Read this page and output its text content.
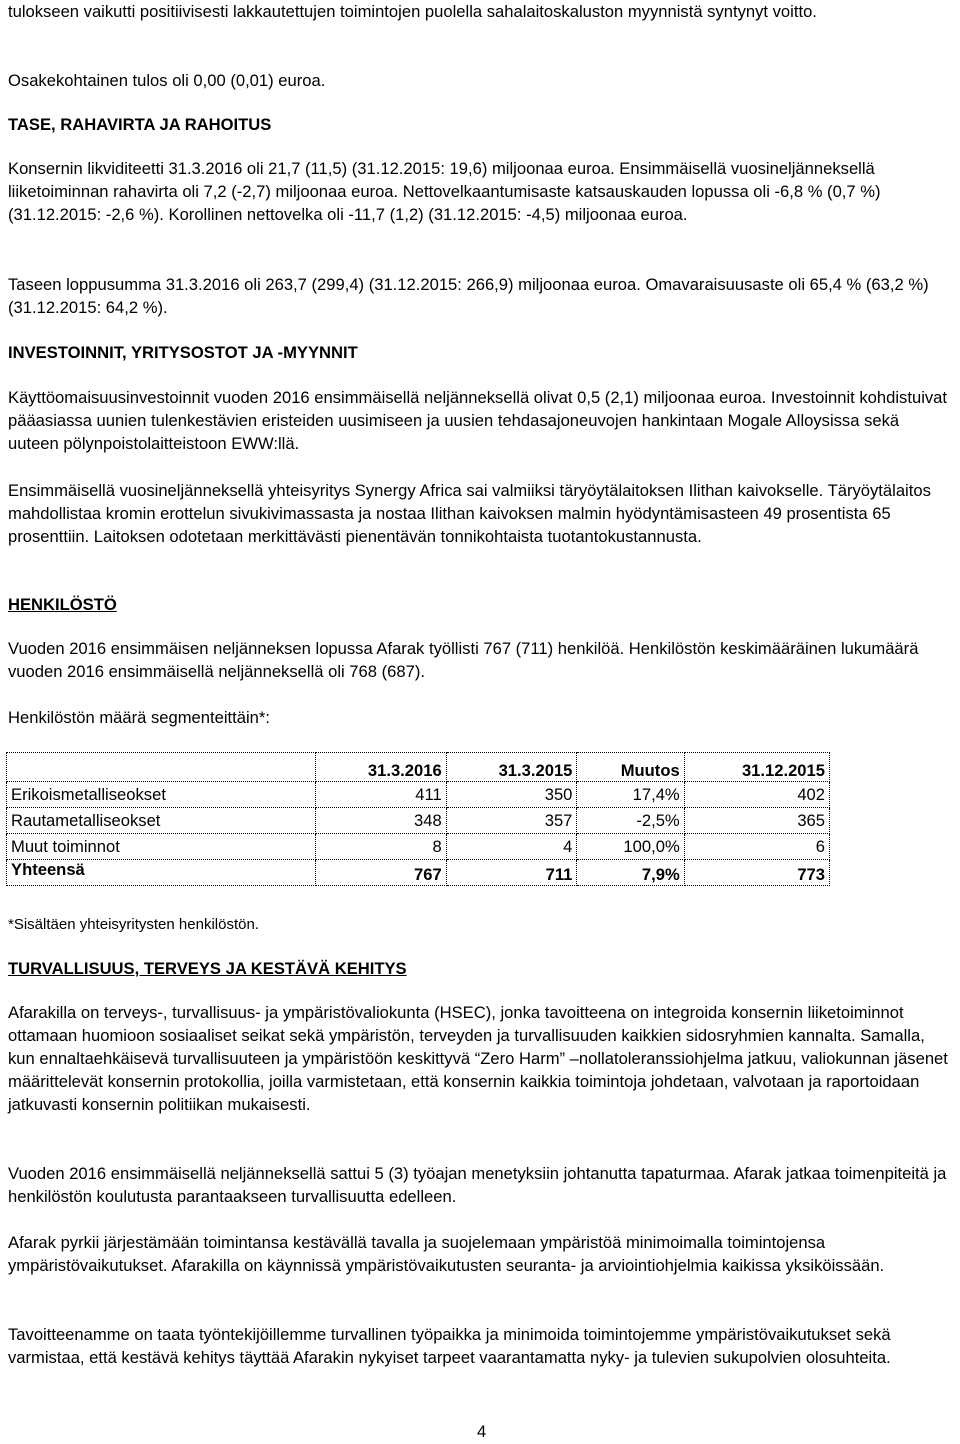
tulokseen vaikutti positiivisesti lakkautettujen toimintojen puolella sahalaitoskaluston myynnistä syntynyt voitto.

Osakekohtainen tulos oli 0,00 (0,01) euroa.

TASE, RAHAVIRTA JA RAHOITUS

Konsernin likviditeetti 31.3.2016 oli 21,7 (11,5) (31.12.2015: 19,6) miljoonaa euroa. Ensimmäisellä vuosineljänneksellä liiketoiminnan rahavirta oli 7,2 (-2,7) miljoonaa euroa. Nettovelkaantumisaste katsauskauden lopussa oli -6,8 % (0,7 %) (31.12.2015: -2,6 %). Korollinen nettovelka oli -11,7 (1,2) (31.12.2015: -4,5) miljoonaa euroa.

Taseen loppusumma 31.3.2016 oli 263,7 (299,4) (31.12.2015: 266,9) miljoonaa euroa. Omavaraisuusaste oli 65,4 % (63,2 %) (31.12.2015: 64,2 %).

INVESTOINNIT, YRITYSOSTOT JA -MYYNNIT

Käyttöomaisuusinvestoinnit vuoden 2016 ensimmäisellä neljänneksellä olivat 0,5 (2,1) miljoonaa euroa. Investoinnit kohdistuivat pääasiassa uunien tulenkestävien eristeiden uusimiseen ja uusien tehdasajoneuvojen hankintaan Mogale Alloysissa sekä uuteen pölynpoistolaitteistoon EWW:llä.

Ensimmäisellä vuosineljänneksellä yhteisyritys Synergy Africa sai valmiiksi täryöytälaitoksen Ilithan kaivokselle. Täryöytälaitos mahdollistaa kromin erottelun sivukivimassasta ja nostaa Ilithan kaivoksen malmin hyödyntämisasteen 49 prosentista 65 prosenttiin. Laitoksen odotetaan merkittävästi pienentävän tonnikohtaista tuotantokustannusta.

HENKILÖSTÖ

Vuoden 2016 ensimmäisen neljänneksen lopussa Afarak työllisti 767 (711) henkilöä. Henkilöstön keskimääräinen lukumäärä vuoden 2016 ensimmäisellä neljänneksellä oli 768 (687).

Henkilöstön määrä segmenteittäin*:

	31.3.2016	31.3.2015	Muutos	31.12.2015
Erikoismetalliseokset	411	350	17,4%	402
Rautametalliseokset	348	357	-2,5%	365
Muut toiminnot	8	4	100,0%	6
Yhteensä	767	711	7,9%	773

*Sisältäen yhteisyritysten henkilöstön.

TURVALLISUUS, TERVEYS JA KESTÄVÄ KEHITYS

Afarakilla on terveys-, turvallisuus- ja ympäristövaliokunta (HSEC), jonka tavoitteena on integroida konsernin liiketoiminnot ottamaan huomioon sosiaaliset seikat sekä ympäristön, terveyden ja turvallisuuden kaikkien sidosryhmien kannalta. Samalla, kun ennaltaehkäisevä turvallisuuteen ja ympäristöön keskittyvä “Zero Harm” –nollatoleranssiohjelma jatkuu, valiokunnan jäsenet määrittelevät konsernin protokollia, joilla varmistetaan, että konsernin kaikkia toimintoja johdetaan, valvotaan ja raportoidaan jatkuvasti konsernin politiikan mukaisesti.

Vuoden 2016 ensimmäisellä neljänneksellä sattui 5 (3) työajan menetyksiin johtanutta tapaturmaa. Afarak jatkaa toimenpiteitä ja henkilöstön koulutusta parantaakseen turvallisuutta edelleen.

Afarak pyrkii järjestämään toimintansa kestävällä tavalla ja suojelemaan ympäristöä minimoimalla toimintojensa ympäristövaikutukset. Afarakilla on käynnissä ympäristövaikutusten seuranta- ja arviointiohjelmia kaikissa yksiköissään.

Tavoitteenamme on taata työntekijöillemme turvallinen työpaikka ja minimoida toimintojemme ympäristövaikutukset sekä varmistaa, että kestävä kehitys täyttää Afarakin nykyiset tarpeet vaarantamatta nyky- ja tulevien sukupolvien olosuhteita.

4
